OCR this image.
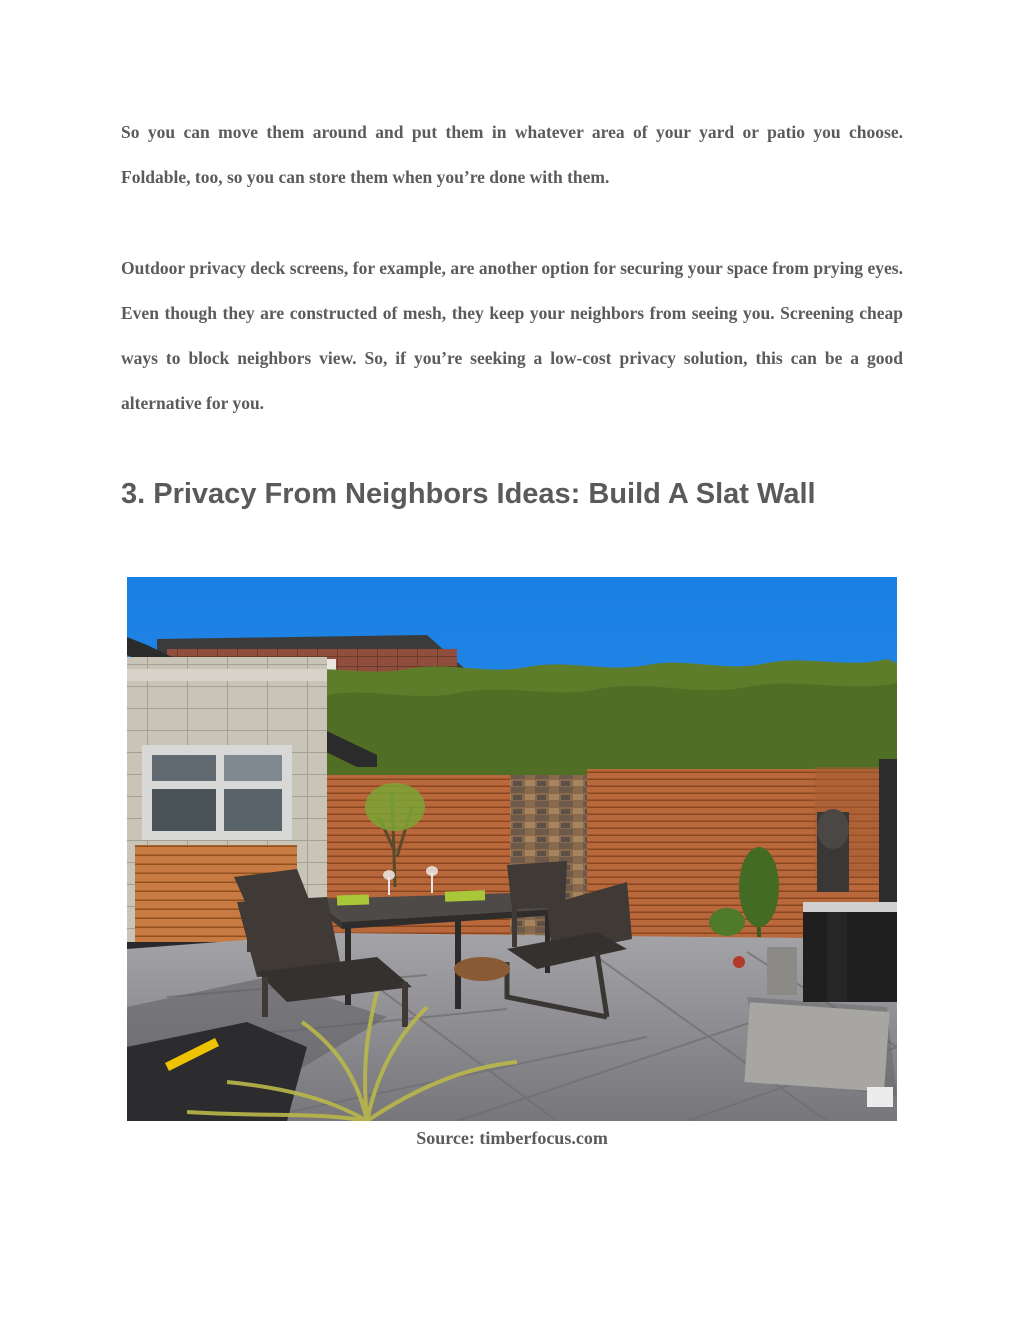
So you can move them around and put them in whatever area of your yard or patio you choose. Foldable, too, so you can store them when you’re done with them.

Outdoor privacy deck screens, for example, are another option for securing your space from prying eyes. Even though they are constructed of mesh, they keep your neighbors from seeing you. Screening cheap ways to block neighbors view. So, if you’re seeking a low-cost privacy solution, this can be a good alternative for you.

3. Privacy From Neighbors Ideas: Build A Slat Wall

Source: timberfocus.com
